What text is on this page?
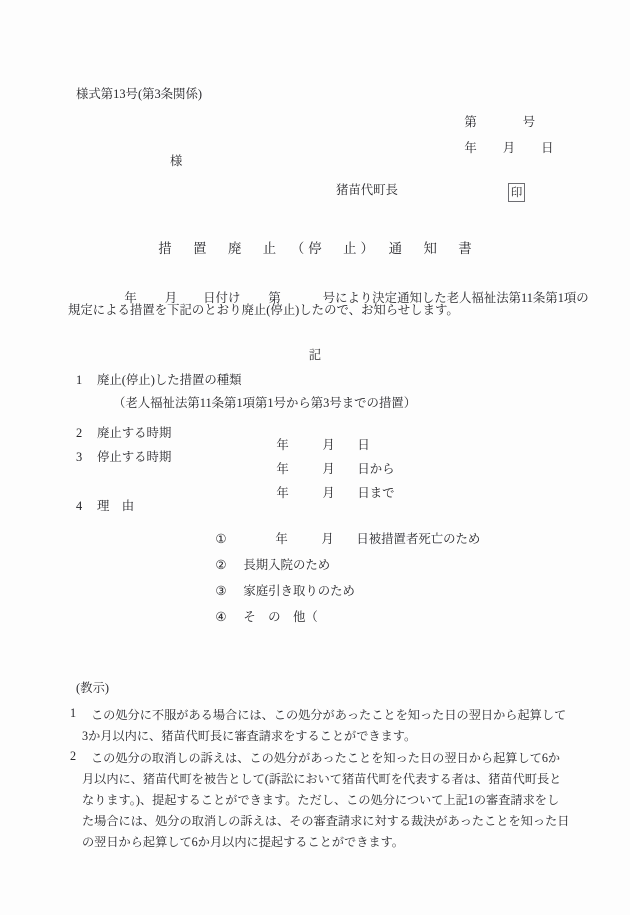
様式第13号(第3条関係)

第	号

年 月 日

様
猪苗代町長	印
措　置　廃　止　（停　止）　通　知　書

年 月 日付け 第	号により決定通知した老人福祉法第11条第1項の

規定による措置を下記のとおり廃止(停止)したので、お知らせします。
記
1 廃止(停止)した措置の種類
（老人福祉法第11条第1項第1号から第3号までの措置）
2 廃止する時期

年	月 日

3 停止する時期

年	月 日から

年	月 日まで

4 理　由

①	年	月 日被措置者死亡のため

② 長期入院のため

③ 家庭引き取りのため

④ そ　の　他（

(教示)
1 この処分に不服がある場合には、この処分があったことを知った日の翌日から起算して
3か月以内に、猪苗代町長に審査請求をすることができます。
2 この処分の取消しの訴えは、この処分があったことを知った日の翌日から起算して6か
月以内に、猪苗代町を被告として(訴訟において猪苗代町を代表する者は、猪苗代町長と
なります。)、提起することができます。ただし、この処分について上記1の審査請求をし
た場合には、処分の取消しの訴えは、その審査請求に対する裁決があったことを知った日
の翌日から起算して6か月以内に提起することができます。
